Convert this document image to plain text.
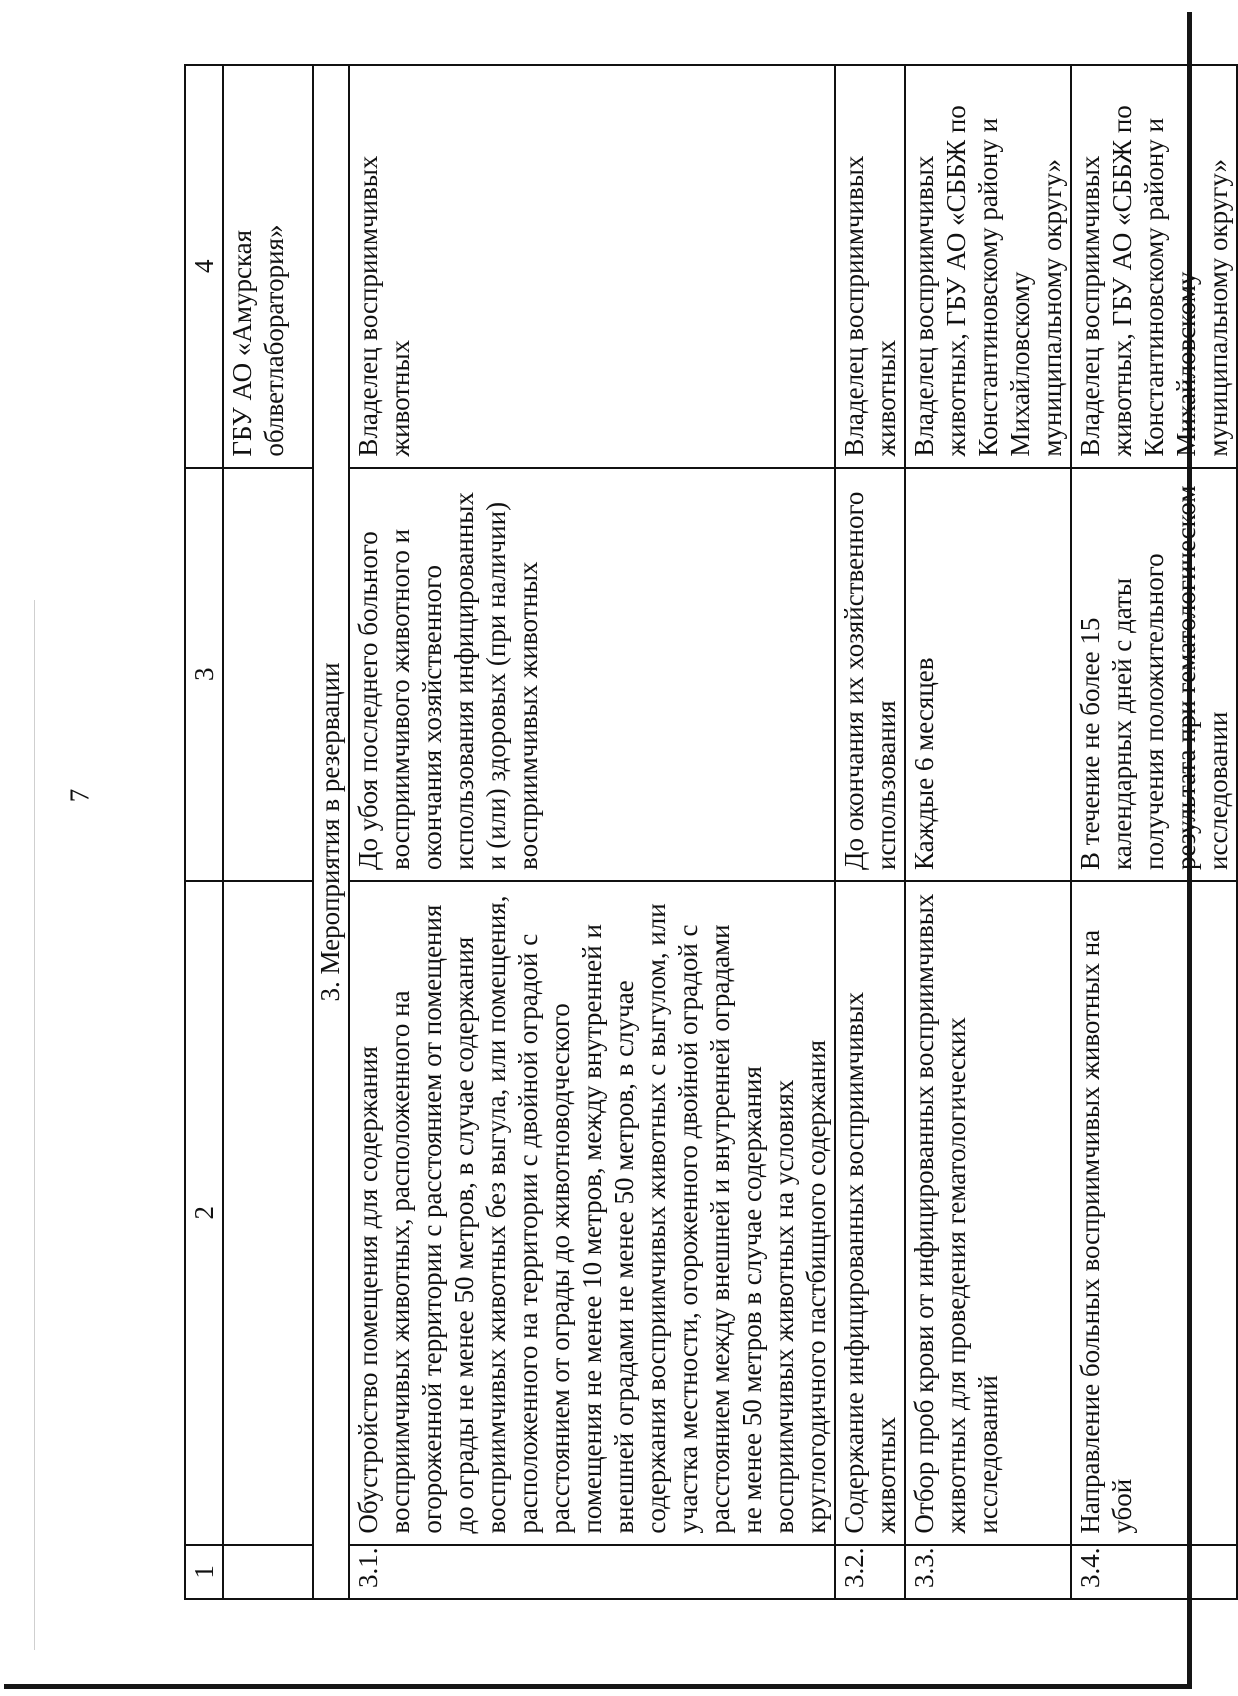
7
1	2	3	4
			ГБУ АО «Амурская облветлаборатория»
3. Мероприятия в резервации			
3.1.	Обустройство помещения для содержания восприимчивых животных, расположенного на огороженной территории с расстоянием от помещения до ограды не менее 50 метров, в случае содержания восприимчивых животных без выгула, или помещения, расположенного на территории с двойной оградой с расстоянием от ограды до животноводческого помещения не менее 10 метров, между внутренней и внешней оградами не менее 50 метров, в случае содержания восприимчивых животных с выгулом, или участка местности, огороженного двойной оградой с расстоянием между внешней и внутренней оградами не менее 50 метров в случае содержания восприимчивых животных на условиях круглогодичного пастбищного содержания	До убоя последнего больного восприимчивого животного и окончания хозяйственного использования инфицированных и (или) здоровых (при наличии) восприимчивых животных	Владелец восприимчивых животных
3.2.	Содержание инфицированных восприимчивых животных	До окончания их хозяйственного использования	Владелец восприимчивых животных
3.3.	Отбор проб крови от инфицированных восприимчивых животных для проведения гематологических исследований	Каждые 6 месяцев	Владелец восприимчивых животных, ГБУ АО «СББЖ по Константиновскому району и Михайловскому муниципальному округу»
3.4.	Направление больных восприимчивых животных на убой	В течение не более 15 календарных дней с даты получения положительного результата при гематологическом исследовании	Владелец восприимчивых животных, ГБУ АО «СББЖ по Константиновскому району и Михайловскому муниципальному округу»
